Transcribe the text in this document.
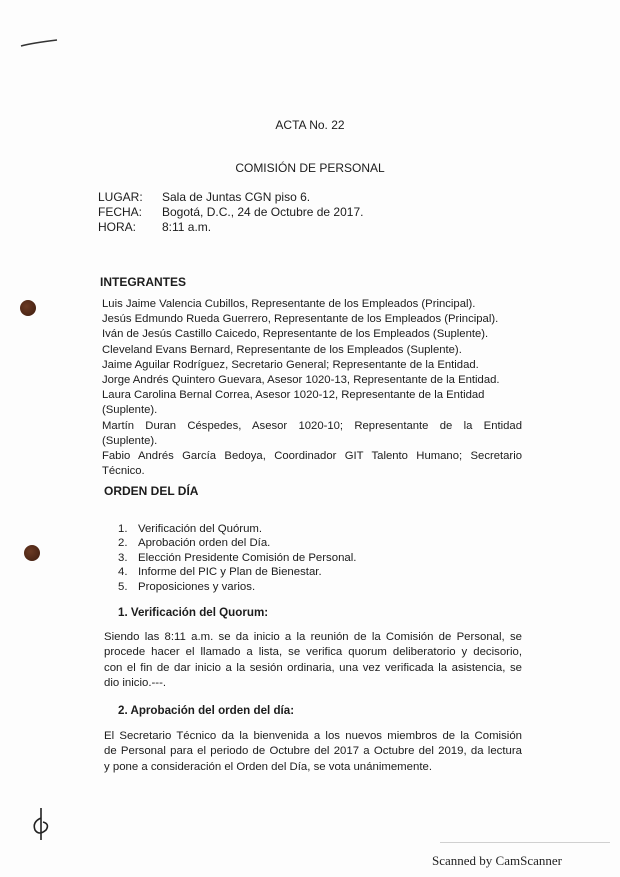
ACTA No. 22
COMISIÓN DE PERSONAL
LUGAR: Sala de Juntas CGN piso 6.
FECHA: Bogotá, D.C., 24 de Octubre de 2017.
HORA: 8:11 a.m.
INTEGRANTES
Luis Jaime Valencia Cubillos, Representante de los Empleados (Principal).
Jesús Edmundo Rueda Guerrero, Representante de los Empleados (Principal).
Iván de Jesús Castillo Caicedo, Representante de los Empleados (Suplente).
Cleveland Evans Bernard, Representante de los Empleados (Suplente).
Jaime Aguilar Rodríguez, Secretario General; Representante de la Entidad.
Jorge Andrés Quintero Guevara, Asesor 1020-13, Representante de la Entidad.
Laura Carolina Bernal Correa, Asesor 1020-12, Representante de la Entidad
(Suplente).
Martín Duran Céspedes, Asesor 1020-10; Representante de la Entidad
(Suplente).
Fabio Andrés García Bedoya, Coordinador GIT Talento Humano; Secretario
Técnico.
ORDEN DEL DÍA
1. Verificación del Quórum.
2. Aprobación orden del Día.
3. Elección Presidente Comisión de Personal.
4. Informe del PIC y Plan de Bienestar.
5. Proposiciones y varios.
1. Verificación del Quorum:
Siendo las 8:11 a.m. se da inicio a la reunión de la Comisión de Personal, se
procede hacer el llamado a lista, se verifica quorum deliberatorio y decisorio,
con el fin de dar inicio a la sesión ordinaria, una vez verificada la asistencia, se
dio inicio.---.
2. Aprobación del orden del día:
El Secretario Técnico da la bienvenida a los nuevos miembros de la Comisión
de Personal para el periodo de Octubre del 2017 a Octubre del 2019, da lectura
y pone a consideración el Orden del Día, se vota unánimemente.
Scanned by CamScanner
